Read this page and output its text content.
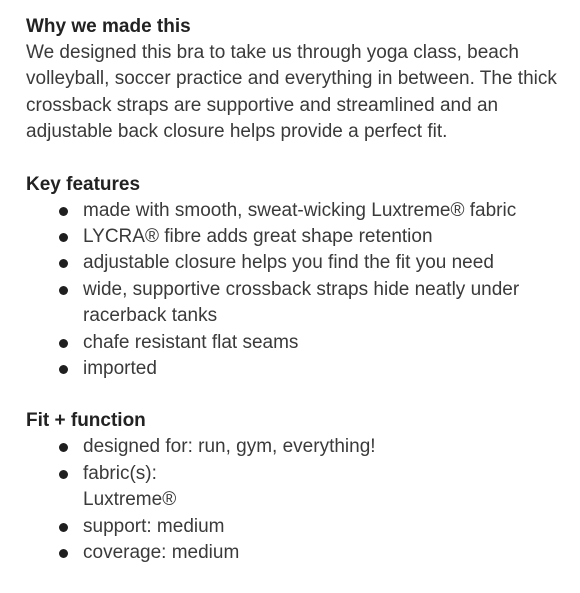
Why we made this

We designed this bra to take us through yoga class, beach volleyball, soccer practice and everything in between. The thick crossback straps are supportive and streamlined and an adjustable back closure helps provide a perfect fit.

Key features
made with smooth, sweat-wicking Luxtreme® fabric
LYCRA® fibre adds great shape retention
adjustable closure helps you find the fit you need
wide, supportive crossback straps hide neatly under racerback tanks
chafe resistant flat seams
imported
Fit + function
designed for: run, gym, everything!
fabric(s):
Luxtreme®
support: medium
coverage: medium
